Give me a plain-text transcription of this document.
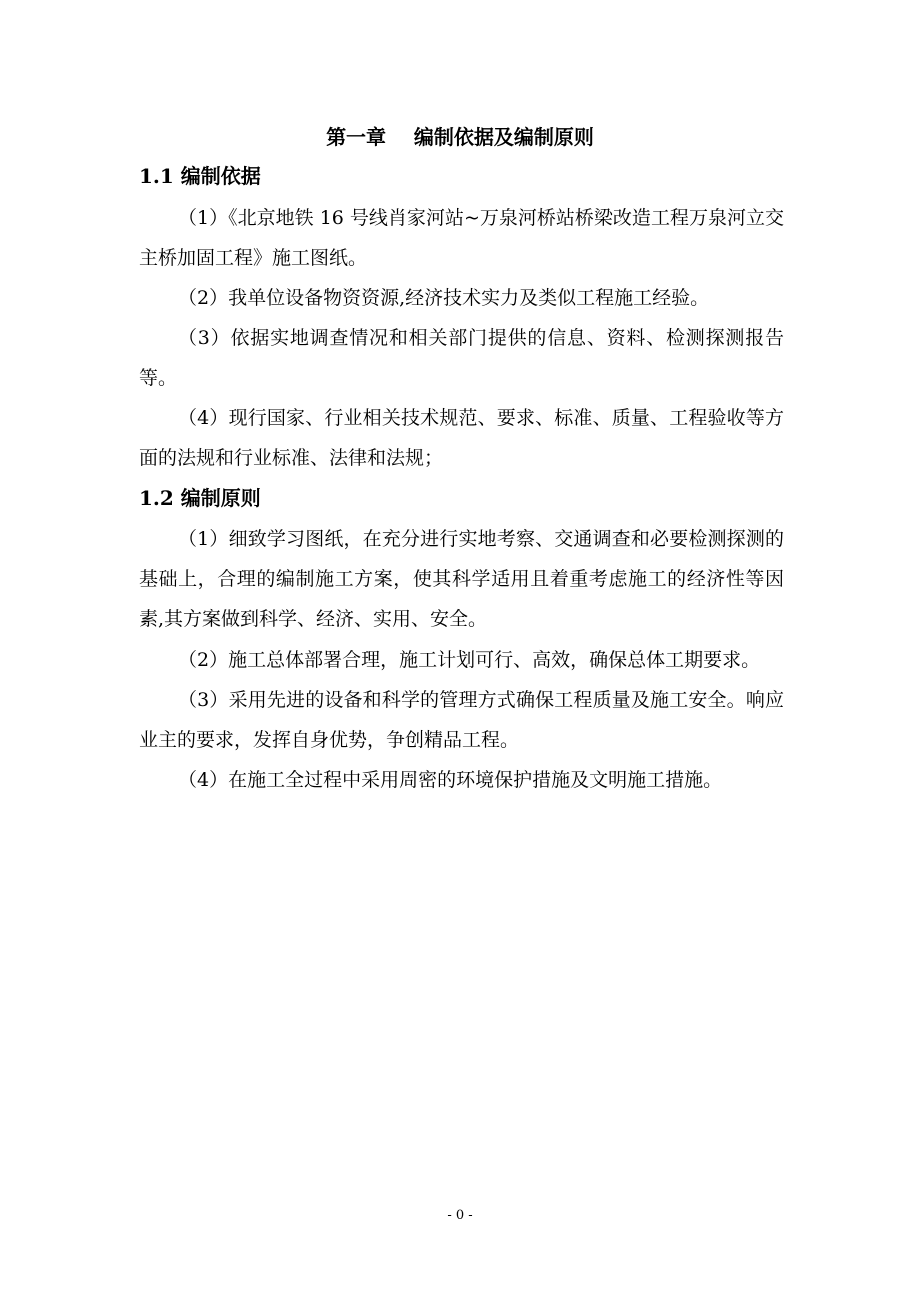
第一章    编制依据及编制原则
1.1 编制依据
（1）《北京地铁 16 号线肖家河站~万泉河桥站桥梁改造工程万泉河立交主桥加固工程》施工图纸。
（2）我单位设备物资资源,经济技术实力及类似工程施工经验。
（3）依据实地调查情况和相关部门提供的信息、资料、检测探测报告等。
（4）现行国家、行业相关技术规范、要求、标准、质量、工程验收等方面的法规和行业标准、法律和法规；
1.2 编制原则
（1）细致学习图纸，在充分进行实地考察、交通调查和必要检测探测的基础上，合理的编制施工方案，使其科学适用且着重考虑施工的经济性等因素,其方案做到科学、经济、实用、安全。
（2）施工总体部署合理，施工计划可行、高效，确保总体工期要求。
（3）采用先进的设备和科学的管理方式确保工程质量及施工安全。响应业主的要求，发挥自身优势，争创精品工程。
（4）在施工全过程中采用周密的环境保护措施及文明施工措施。
- 0 -
